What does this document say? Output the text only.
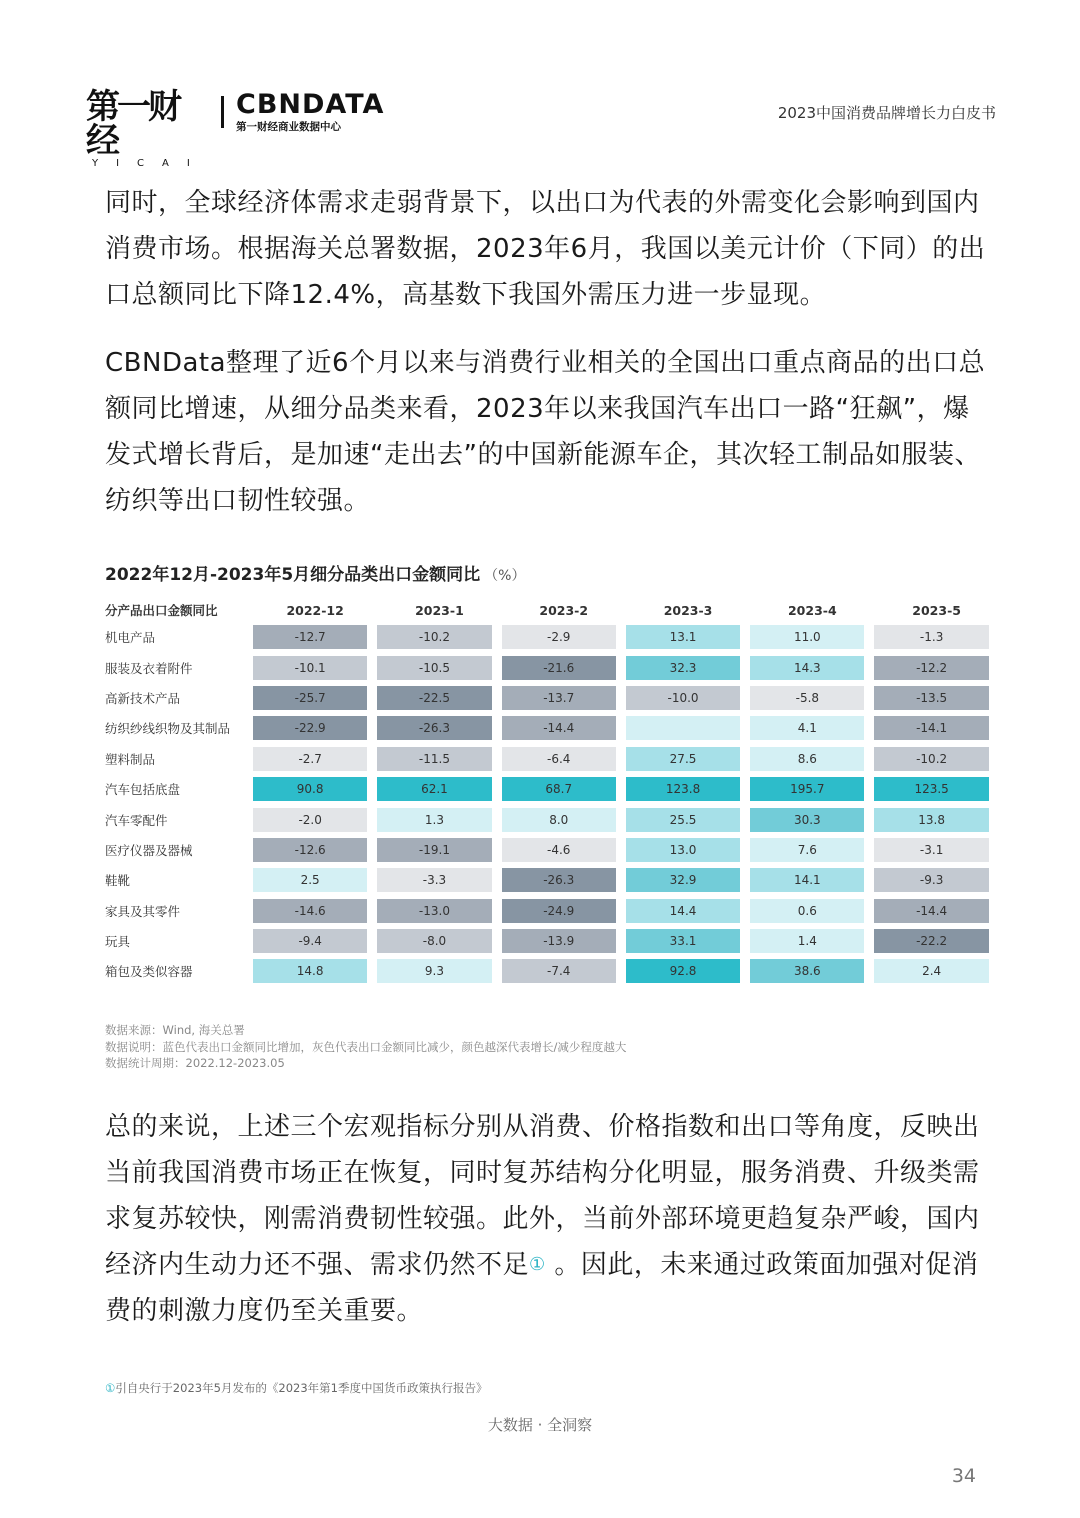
第一财经
YICAI
CBNDATA
第一财经商业数据中心
2023中国消费品牌增长力白皮书

同时，全球经济体需求走弱背景下，以出口为代表的外需变化会影响到国内消费市场。根据海关总署数据，2023年6月，我国以美元计价（下同）的出口总额同比下降12.4%，高基数下我国外需压力进一步显现。

CBNData整理了近6个月以来与消费行业相关的全国出口重点商品的出口总额同比增速，从细分品类来看，2023年以来我国汽车出口一路“狂飙”，爆发式增长背后，是加速“走出去”的中国新能源车企，其次轻工制品如服装、纺织等出口韧性较强。

2022年12月-2023年5月细分品类出口金额同比 （%）
分产品出口金额同比	2022-12	2023-1	2023-2	2023-3	2023-4	2023-5
机电产品	-12.7	-10.2	-2.9	13.1	11.0	-1.3

服装及衣着附件	-10.1	-10.5	-21.6	32.3	14.3	-12.2

高新技术产品	-25.7	-22.5	-13.7	-10.0	-5.8	-13.5

纺织纱线织物及其制品	-22.9	-26.3	-14.4		4.1	-14.1

塑料制品	-2.7	-11.5	-6.4	27.5	8.6	-10.2

汽车包括底盘	90.8	62.1	68.7	123.8	195.7	123.5

汽车零配件	-2.0	1.3	8.0	25.5	30.3	13.8

医疗仪器及器械	-12.6	-19.1	-4.6	13.0	7.6	-3.1

鞋靴	2.5	-3.3	-26.3	32.9	14.1	-9.3

家具及其零件	-14.6	-13.0	-24.9	14.4	0.6	-14.4

玩具	-9.4	-8.0	-13.9	33.1	1.4	-22.2

箱包及类似容器	14.8	9.3	-7.4	92.8	38.6	2.4
数据来源：Wind, 海关总署
数据说明：蓝色代表出口金额同比增加，灰色代表出口金额同比减少，颜色越深代表增长/减少程度越大
数据统计周期：2022.12-2023.05

总的来说，上述三个宏观指标分别从消费、价格指数和出口等角度，反映出当前我国消费市场正在恢复，同时复苏结构分化明显，服务消费、升级类需求复苏较快，刚需消费韧性较强。此外，当前外部环境更趋复杂严峻，国内经济内生动力还不强、需求仍然不足① 。因此，未来通过政策面加强对促消费的刺激力度仍至关重要。

①引自央行于2023年5月发布的《2023年第1季度中国货币政策执行报告》
大数据 · 全洞察
34
